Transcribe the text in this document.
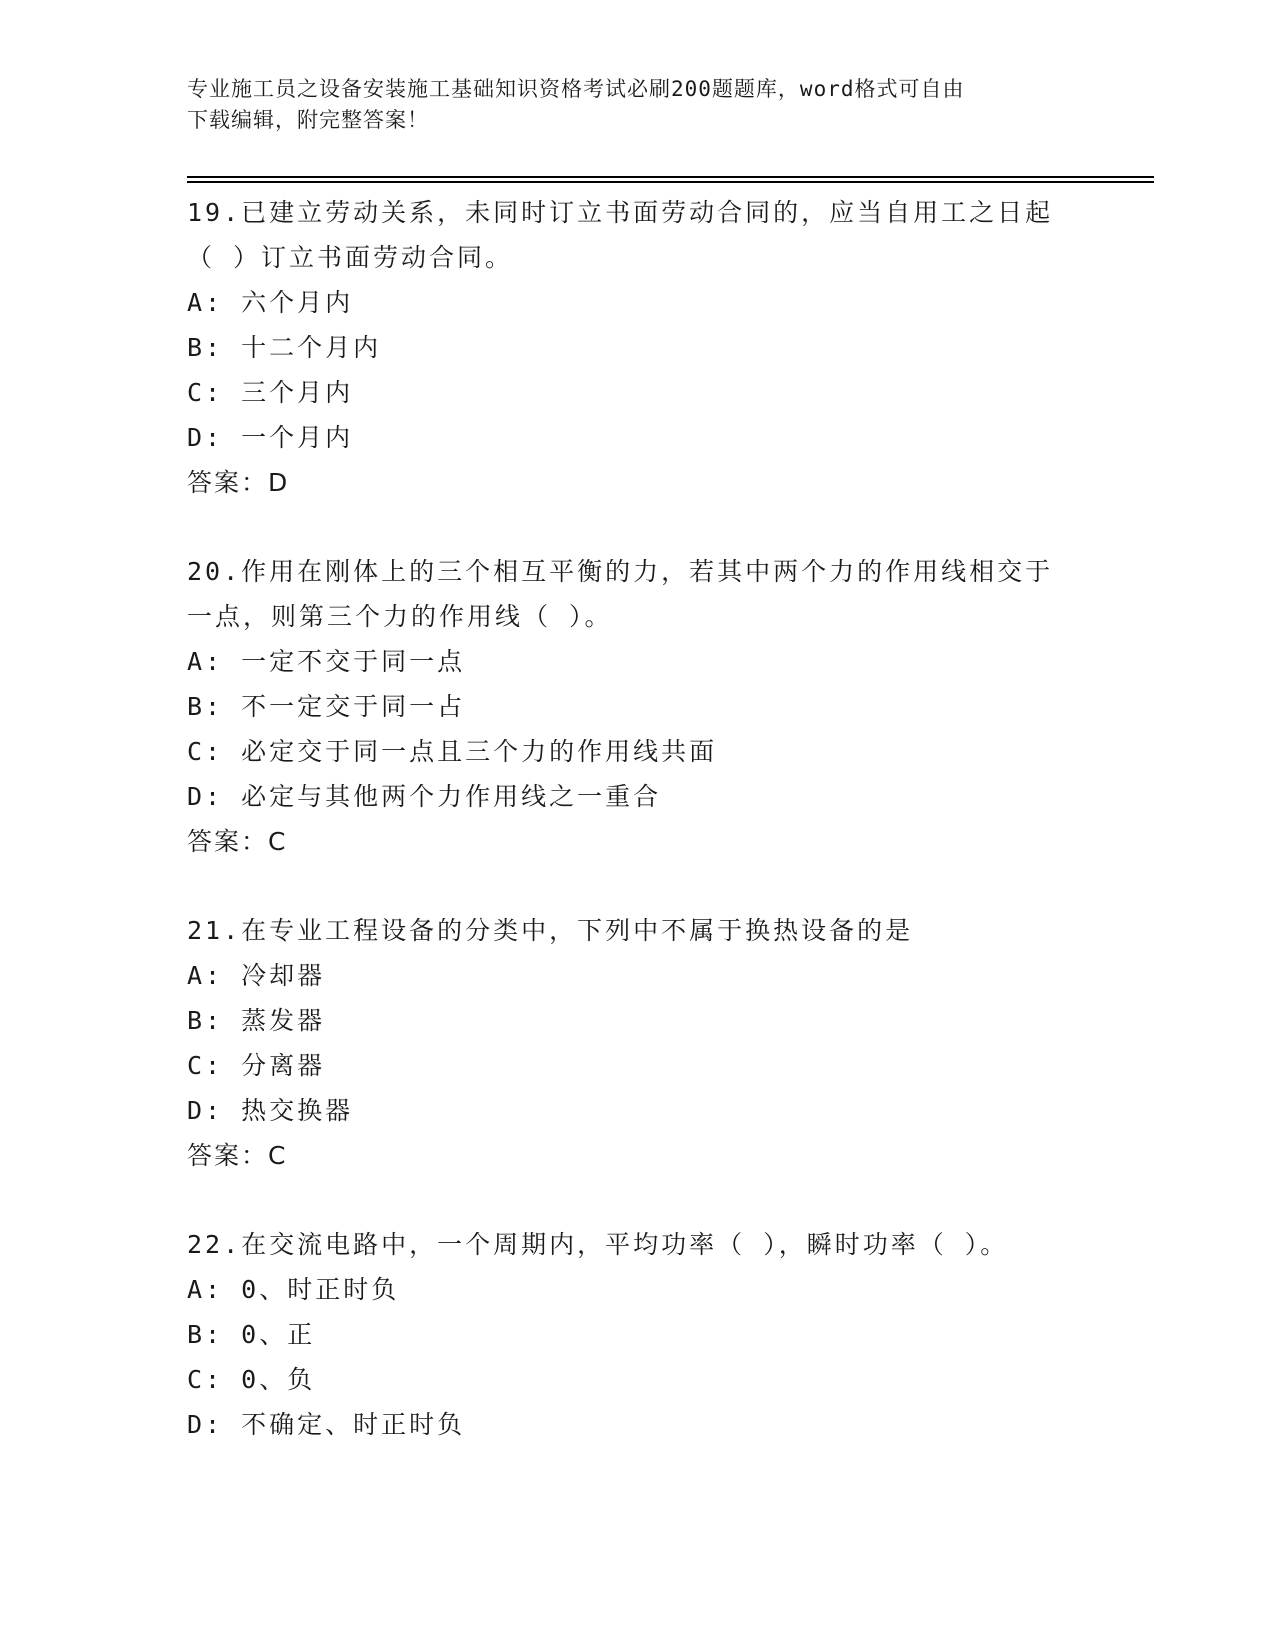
专业施工员之设备安装施工基础知识资格考试必刷200题题库，word格式可自由
下载编辑，附完整答案！
19.已建立劳动关系，未同时订立书面劳动合同的，应当自用工之日起
（ ）订立书面劳动合同。
A: 六个月内
B: 十二个月内
C: 三个月内
D: 一个月内
答案：D
20.作用在刚体上的三个相互平衡的力，若其中两个力的作用线相交于
一点，则第三个力的作用线（ ）。
A: 一定不交于同一点
B: 不一定交于同一占
C: 必定交于同一点且三个力的作用线共面
D: 必定与其他两个力作用线之一重合
答案：C
21.在专业工程设备的分类中，下列中不属于换热设备的是
A: 冷却器
B: 蒸发器
C: 分离器
D: 热交换器
答案：C
22.在交流电路中，一个周期内，平均功率（ ），瞬时功率（ ）。
A: 0、时正时负
B: 0、正
C: 0、负
D: 不确定、时正时负
